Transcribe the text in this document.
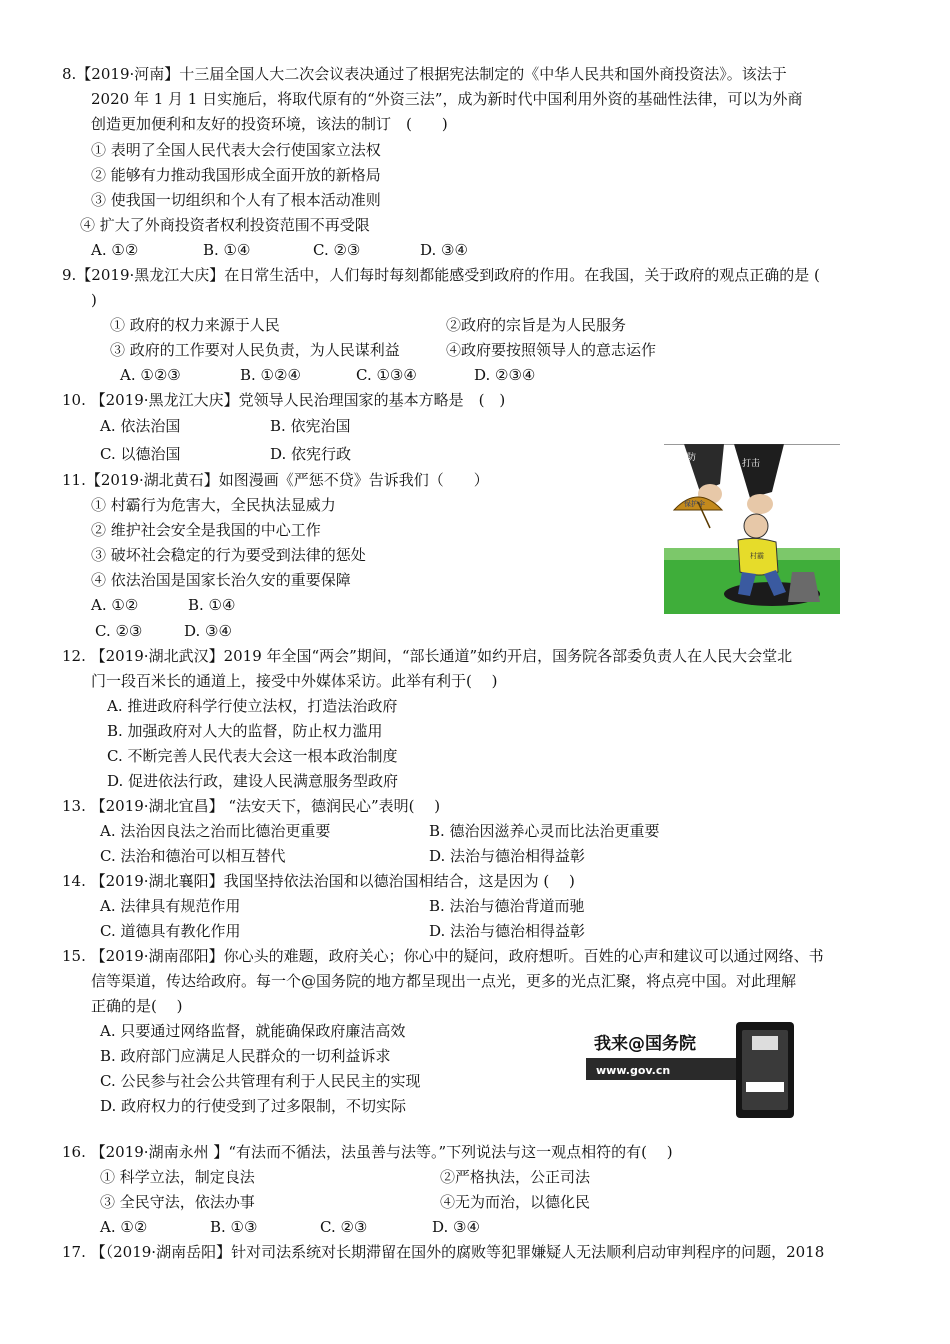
8.【2019·河南】十三届全国人大二次会议表决通过了根据宪法制定的《中华人民共和国外商投资法》。该法于
2020 年 1 月 1 日实施后，将取代原有的“外资三法”，成为新时代中国利用外资的基础性法律，可以为外商
创造更加便利和友好的投资环境，该法的制订　(　　)
① 表明了全国人民代表大会行使国家立法权
② 能够有力推动我国形成全面开放的新格局
③ 使我国一切组织和个人有了根本活动准则
④ 扩大了外商投资者权利投资范围不再受限
A. ①②	B. ①④	C. ②③	D. ③④
9.【2019·黑龙江大庆】在日常生活中，人们每时每刻都能感受到政府的作用。在我国，关于政府的观点正确的是 (
)
① 政府的权力来源于人民	②政府的宗旨是为人民服务
③ 政府的工作要对人民负责，为人民谋利益	④政府要按照领导人的意志运作
A. ①②③	B. ①②④	C. ①③④	D. ②③④
10. 【2019·黑龙江大庆】党领导人民治理国家的基本方略是　(　)
A. 依法治国	B. 依宪治国
C. 以德治国	D. 依宪行政
11.【2019·湖北黄石】如图漫画《严惩不贷》告诉我们（　　）
① 村霸行为危害大，全民执法显威力
② 维护社会安全是我国的中心工作
③ 破坏社会稳定的行为要受到法律的惩处
④ 依法治国是国家长治久安的重要保障
A. ①②	B. ①④
C. ②③	D. ③④
严防
打击
保护伞
村霸
12. 【2019·湖北武汉】2019 年全国“两会”期间，“部长通道”如约开启，国务院各部委负责人在人民大会堂北
门一段百米长的通道上，接受中外媒体采访。此举有利于(　 )
A. 推进政府科学行使立法权，打造法治政府
B. 加强政府对人大的监督，防止权力滥用
C. 不断完善人民代表大会这一根本政治制度
D. 促进依法行政，建设人民满意服务型政府
13. 【2019·湖北宜昌】 “法安天下，德润民心”表明(　 )
A. 法治因良法之治而比德治更重要	B. 德治因滋养心灵而比法治更重要
C. 法治和德治可以相互替代	D. 法治与德治相得益彰
14. 【2019·湖北襄阳】我国坚持依法治国和以德治国相结合，这是因为 (　 )
A. 法律具有规范作用	B. 法治与德治背道而驰
C. 道德具有教化作用	D. 法治与德治相得益彰
15. 【2019·湖南邵阳】你心头的难题，政府关心；你心中的疑问，政府想听。百姓的心声和建议可以通过网络、书
信等渠道，传达给政府。每一个@国务院的地方都呈现出一点光，更多的光点汇聚，将点亮中国。对此理解
正确的是(　 )
A. 只要通过网络监督，就能确保政府廉洁高效
B. 政府部门应满足人民群众的一切利益诉求
C. 公民参与社会公共管理有利于人民民主的实现
D. 政府权力的行使受到了过多限制，不切实际
我来@国务院
www.gov.cn
16. 【2019·湖南永州 】“有法而不循法，法虽善与法等。”下列说法与这一观点相符的有(　 )
① 科学立法，制定良法	②严格执法，公正司法
③ 全民守法，依法办事	④无为而治，以德化民
A. ①②	B. ①③	C. ②③	D. ③④
17. 【（2019·湖南岳阳】针对司法系统对长期滞留在国外的腐败等犯罪嫌疑人无法顺利启动审判程序的问题，2018
